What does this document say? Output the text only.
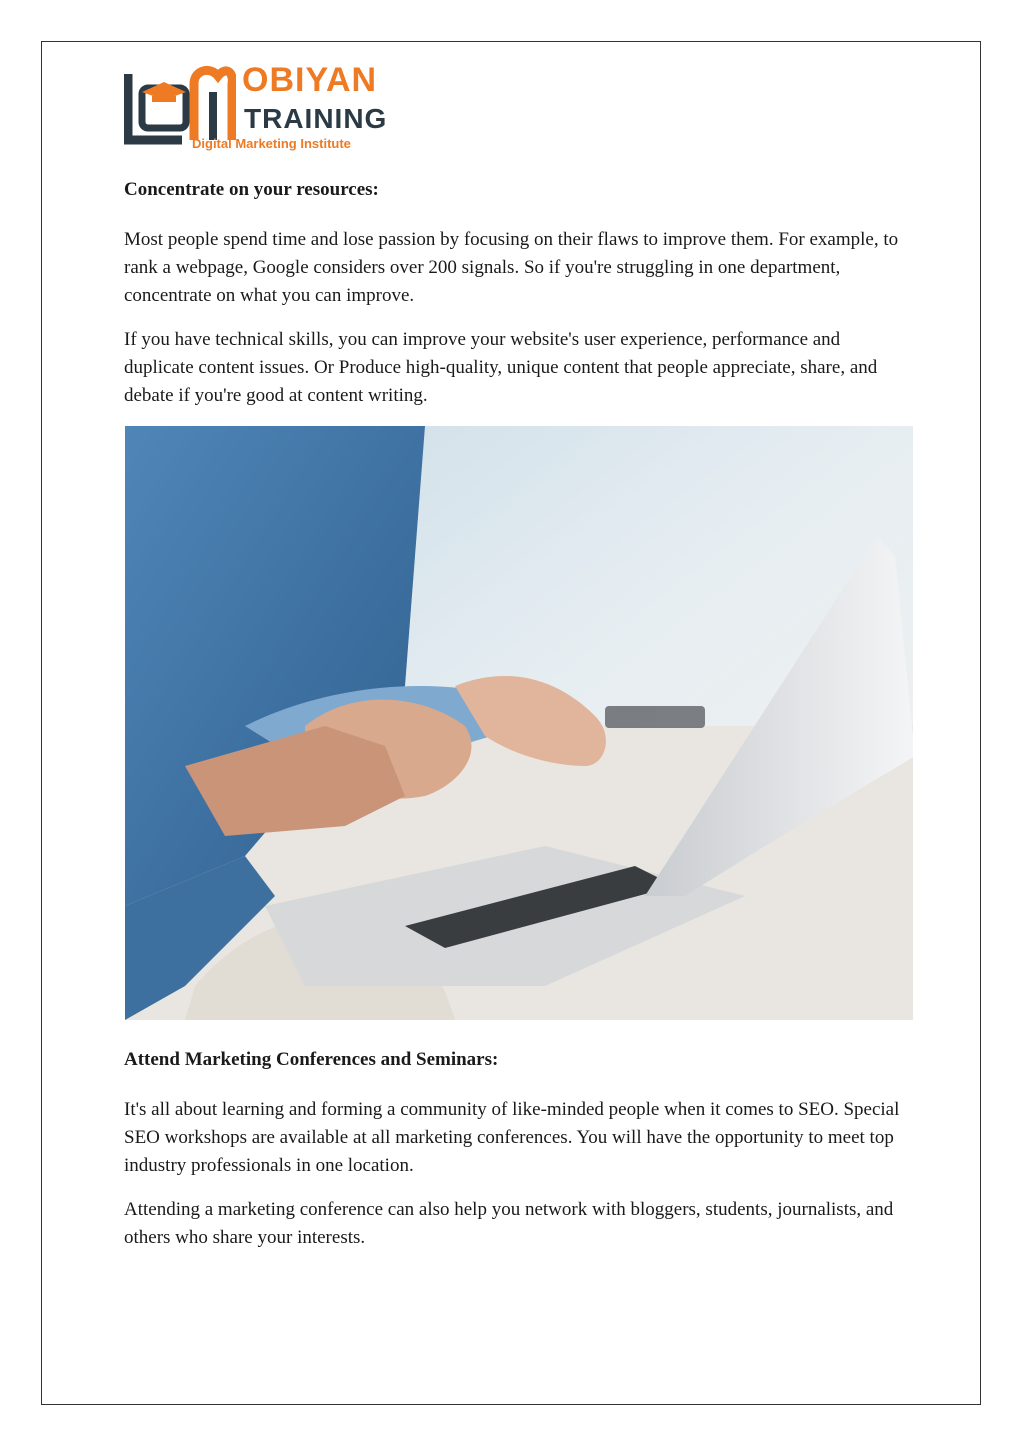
OBIYAN
TRAINING
Digital Marketing Institute
Concentrate on your resources:

Most people spend time and lose passion by focusing on their flaws to improve them. For example, to rank a webpage, Google considers over 200 signals. So if you're struggling in one department, concentrate on what you can improve.

If you have technical skills, you can improve your website's user experience, performance and duplicate content issues. Or Produce high-quality, unique content that people appreciate, share, and debate if you're good at content writing.

Attend Marketing Conferences and Seminars:

It's all about learning and forming a community of like-minded people when it comes to SEO. Special SEO workshops are available at all marketing conferences. You will have the opportunity to meet top industry professionals in one location.

Attending a marketing conference can also help you network with bloggers, students, journalists, and others who share your interests.
